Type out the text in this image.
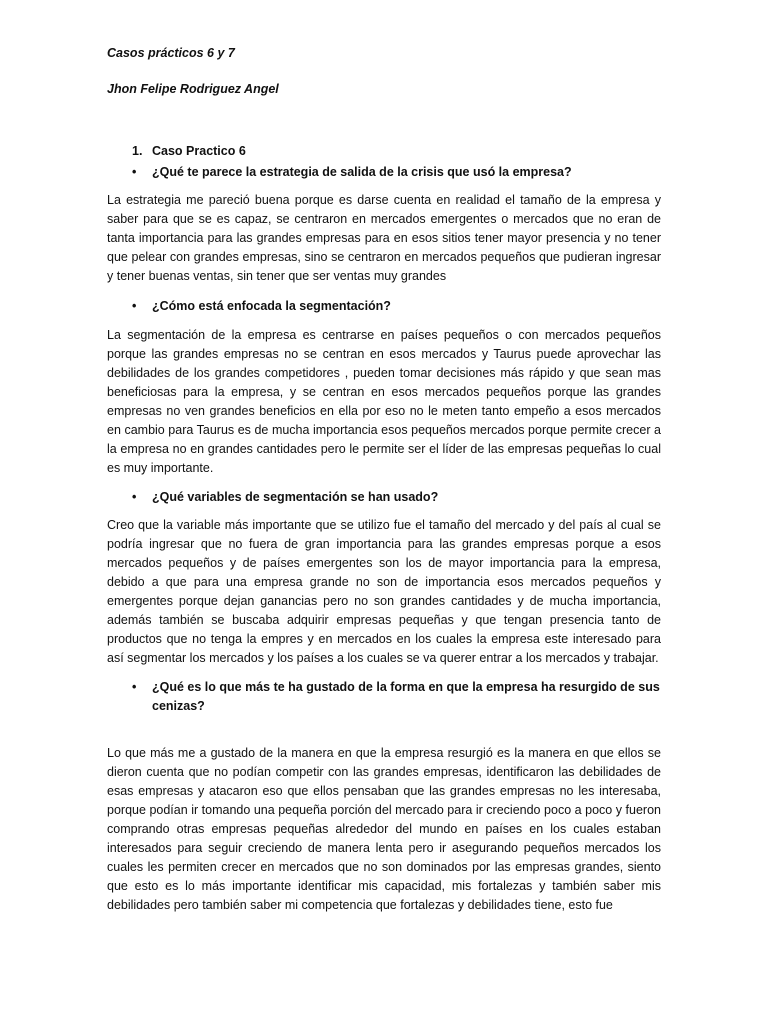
Casos prácticos 6 y 7
Jhon Felipe Rodriguez Angel
1. Caso Practico 6
• ¿Qué te parece la estrategia de salida de la crisis que usó la empresa?
La estrategia me pareció buena porque es darse cuenta en realidad el tamaño de la empresa y saber para que se es capaz, se centraron en mercados emergentes o mercados que no eran de tanta importancia para las grandes empresas para en esos sitios tener mayor presencia y no tener que pelear con grandes empresas, sino se centraron en mercados pequeños que pudieran ingresar y tener buenas ventas, sin tener que ser ventas muy grandes
• ¿Cómo está enfocada la segmentación?
La segmentación de la empresa es centrarse en países pequeños o con mercados pequeños porque las grandes empresas no se centran en esos mercados y Taurus puede aprovechar las debilidades de los grandes competidores , pueden tomar decisiones más rápido y que sean mas beneficiosas para la empresa, y se centran en esos mercados pequeños porque las grandes empresas no ven grandes beneficios en ella por eso no le meten tanto empeño a esos mercados en cambio para Taurus es de mucha importancia esos pequeños mercados porque permite crecer a la empresa no en grandes cantidades pero le permite ser el líder de las empresas pequeñas lo cual es muy importante.
• ¿Qué variables de segmentación se han usado?
Creo que la variable más importante que se utilizo fue el tamaño del mercado y del país al cual se podría ingresar que no fuera de gran importancia para las grandes empresas porque a esos mercados pequeños y de países emergentes son los de mayor importancia para la empresa, debido a que para una empresa grande no son de importancia esos mercados pequeños y emergentes porque dejan ganancias pero no son grandes cantidades y de mucha importancia, además también se buscaba adquirir empresas pequeñas y que tengan presencia tanto de productos que no tenga la empres y en mercados en los cuales la empresa este interesado para así segmentar los mercados y los países a los cuales se va querer entrar a los mercados y trabajar.
• ¿Qué es lo que más te ha gustado de la forma en que la empresa ha resurgido de sus cenizas?
Lo que más me a gustado de la manera en que la empresa resurgió es la manera en que ellos se dieron cuenta que no podían competir con las grandes empresas, identificaron las debilidades de esas empresas y atacaron eso que ellos pensaban que las grandes empresas no les interesaba, porque podían ir tomando una pequeña porción del mercado para ir creciendo poco a poco y fueron comprando otras empresas pequeñas alrededor del mundo en países en los cuales estaban interesados para seguir creciendo de manera lenta pero ir asegurando pequeños mercados los cuales les permiten crecer en mercados que no son dominados por las empresas grandes, siento que esto es lo más importante identificar mis capacidad, mis fortalezas y también saber mis debilidades pero también saber mi competencia que fortalezas y debilidades tiene, esto fue
